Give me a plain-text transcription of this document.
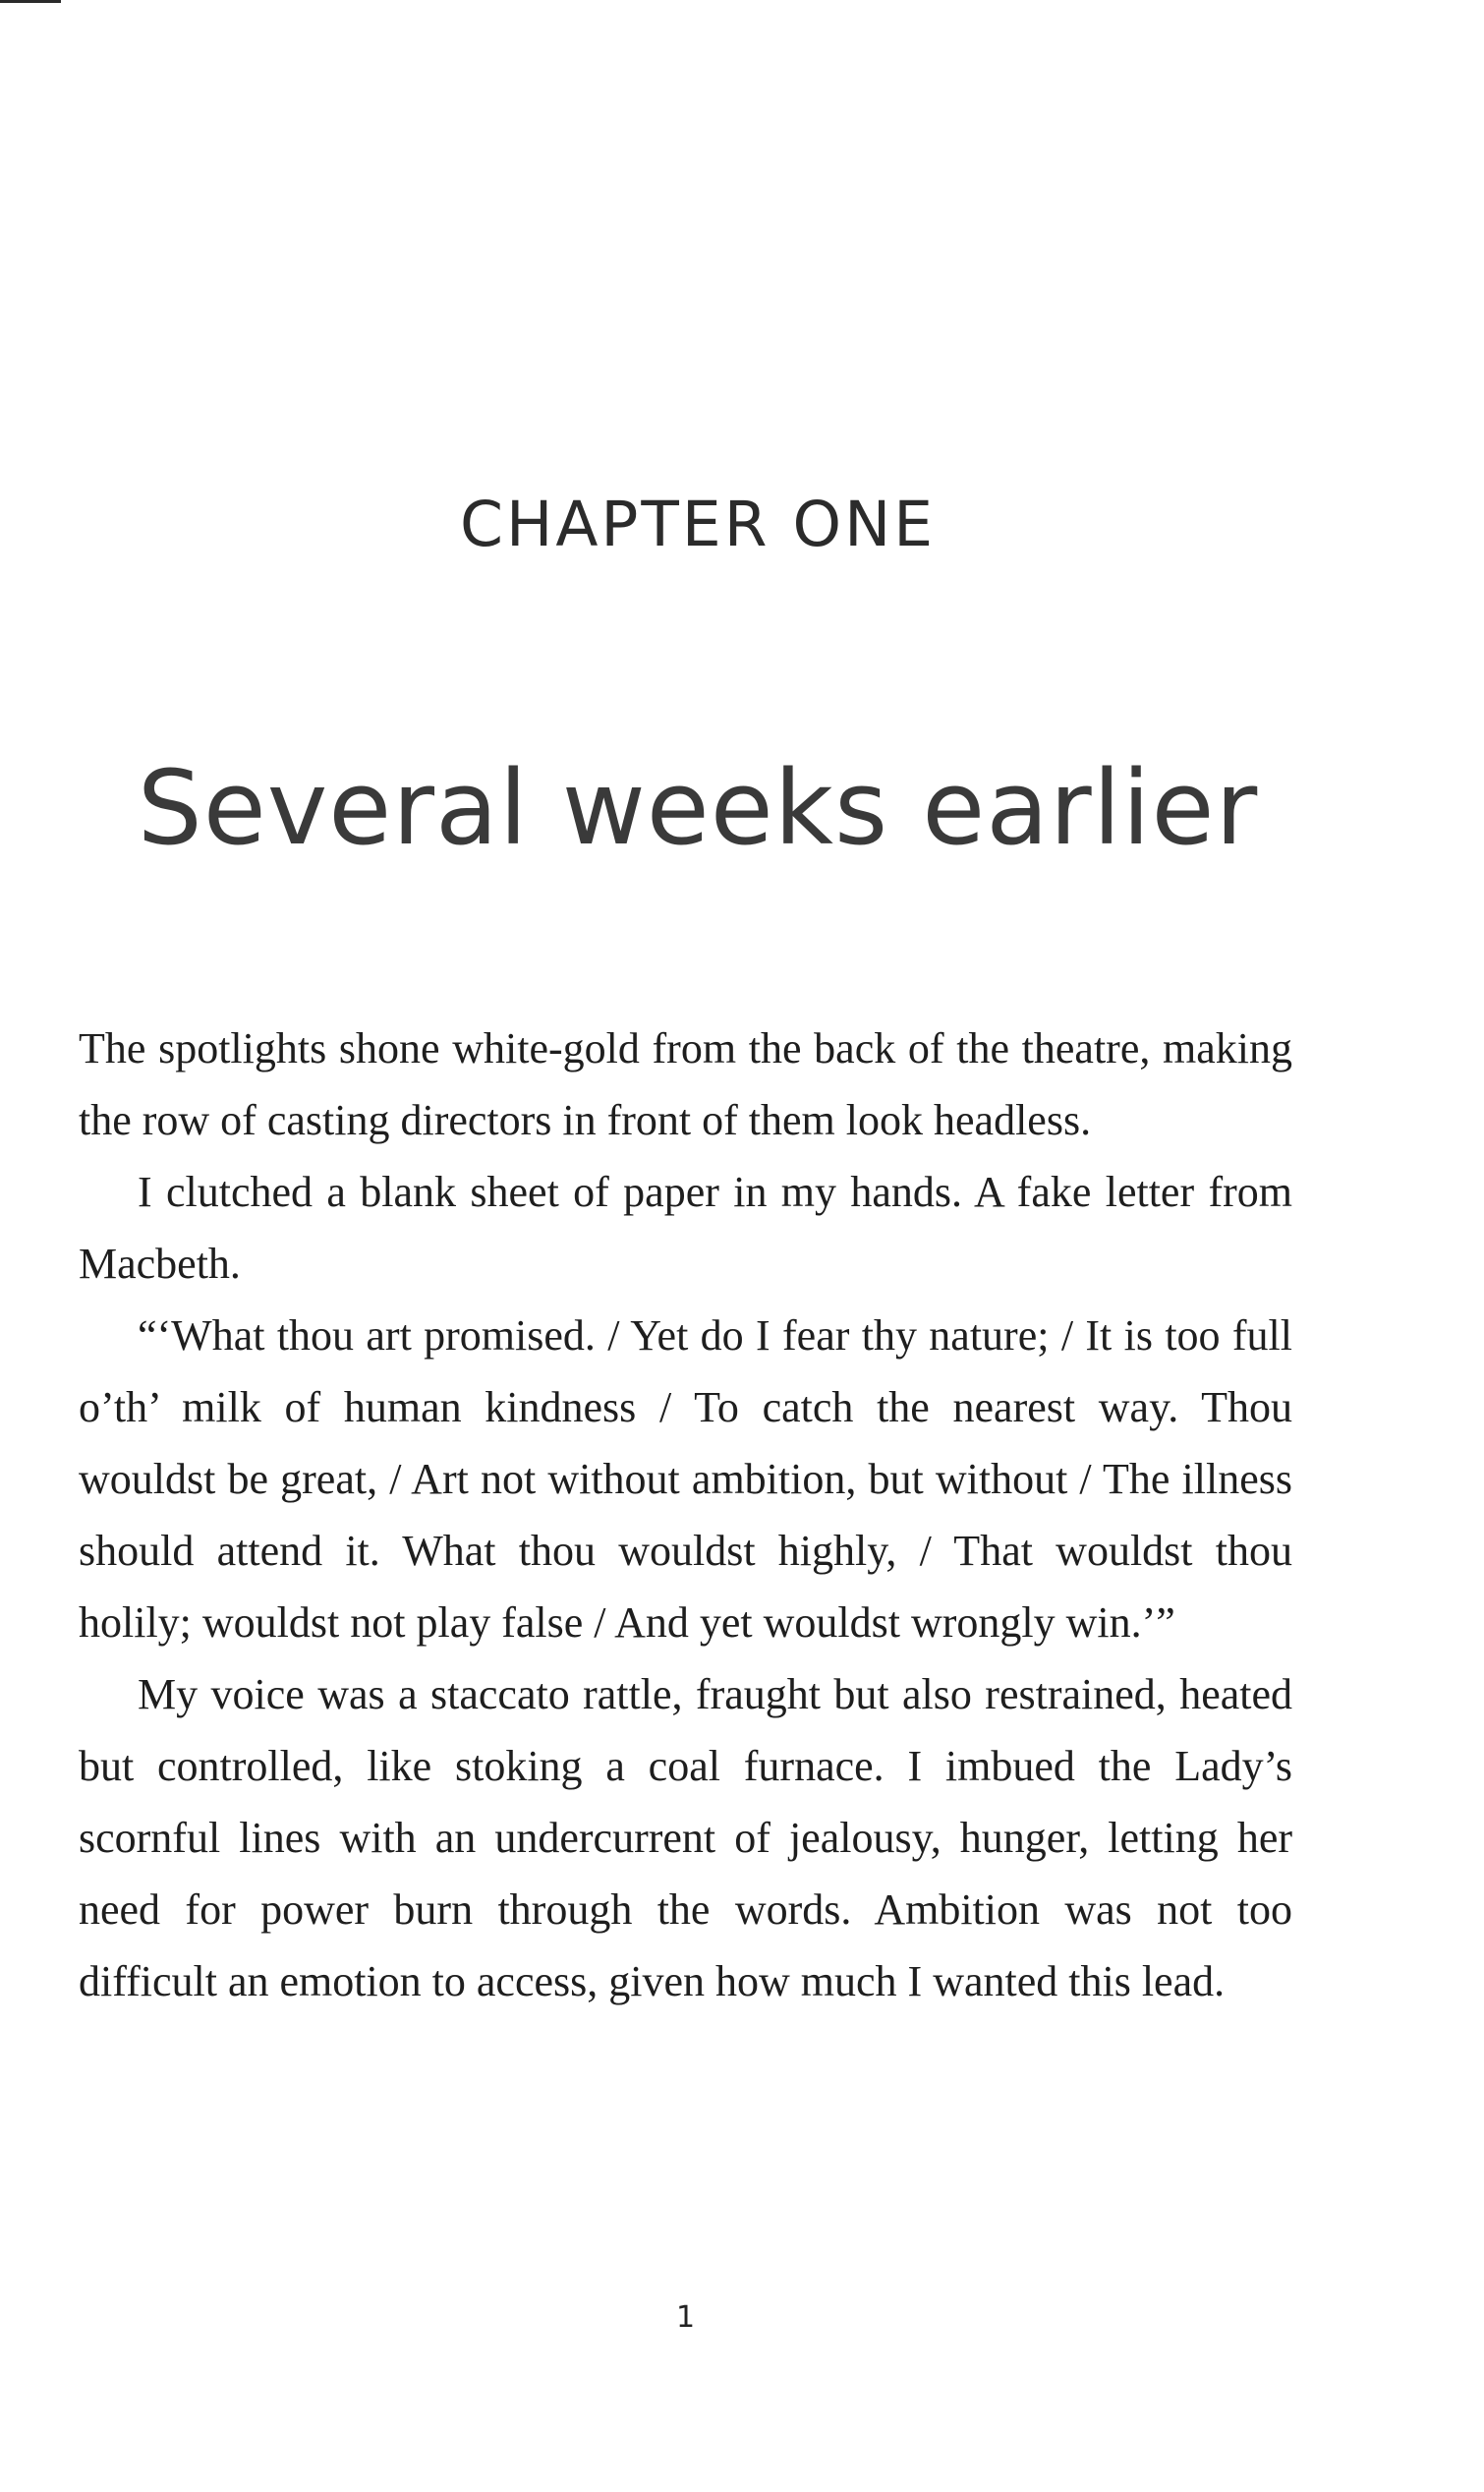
CHAPTER ONE
Several weeks earlier

The spotlights shone white-gold from the back of the theatre, making the row of casting directors in front of them look headless.

I clutched a blank sheet of paper in my hands. A fake letter from Macbeth.

“‘What thou art promised. / Yet do I fear thy nature; / It is too full o’th’ milk of human kindness / To catch the nearest way. Thou wouldst be great, / Art not without ambition, but without / The illness should attend it. What thou wouldst highly, / That wouldst thou holily; wouldst not play false / And yet wouldst wrongly win.’”

My voice was a staccato rattle, fraught but also restrained, heated but controlled, like stoking a coal furnace. I imbued the Lady’s scornful lines with an undercurrent of jealousy, hunger, letting her need for power burn through the words. Ambition was not too difficult an emotion to access, given how much I wanted this lead.

1
